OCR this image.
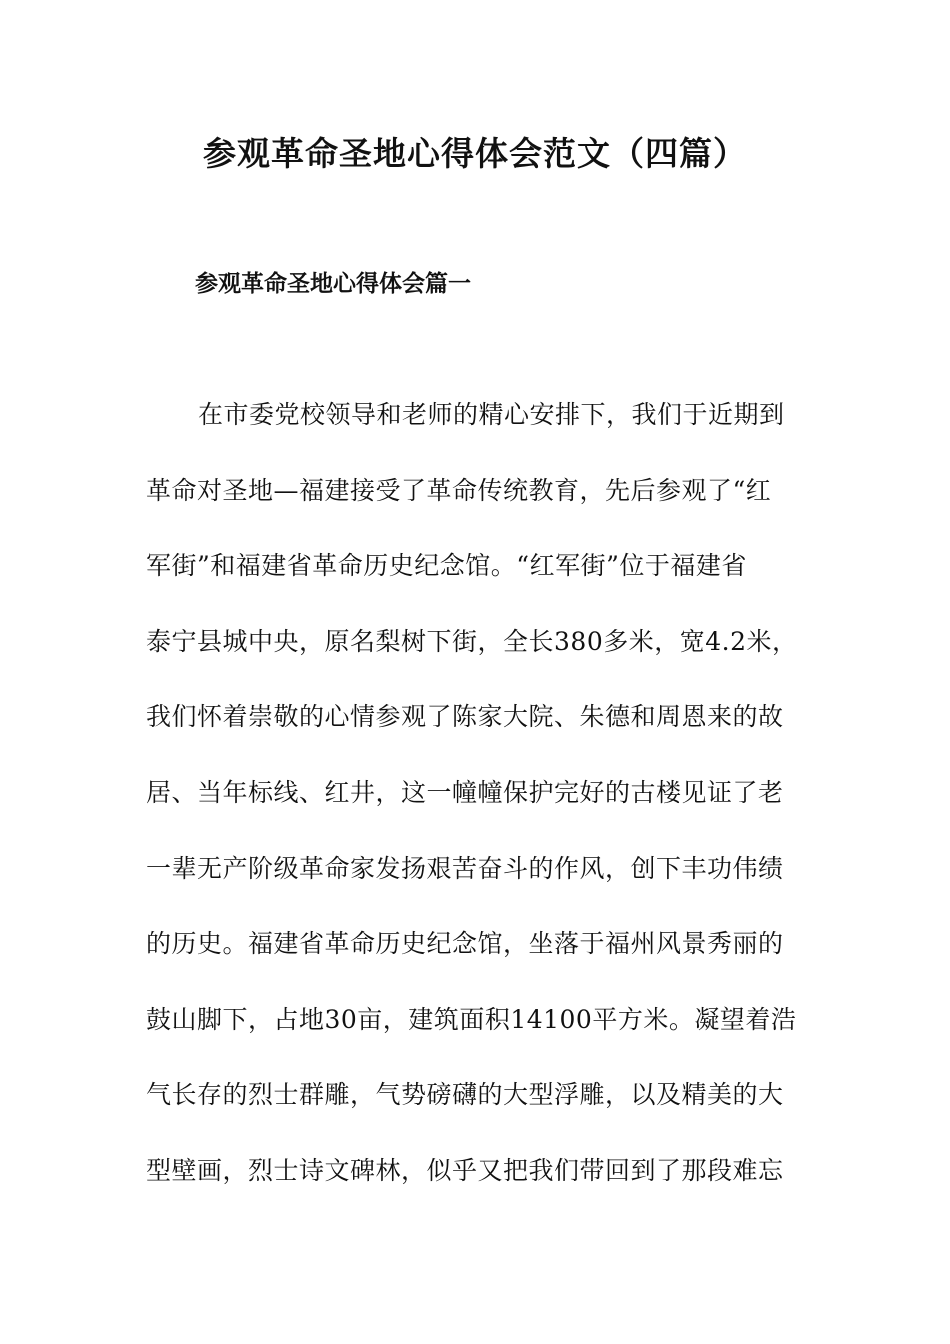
参观革命圣地心得体会范文（四篇）
参观革命圣地心得体会篇一
在市委党校领导和老师的精心安排下，我们于近期到
革命对圣地—福建接受了革命传统教育，先后参观了“红
军街”和福建省革命历史纪念馆。“红军街”位于福建省
泰宁县城中央，原名梨树下街，全长380多米，宽4.2米，
我们怀着崇敬的心情参观了陈家大院、朱德和周恩来的故
居、当年标线、红井，这一幢幢保护完好的古楼见证了老
一辈无产阶级革命家发扬艰苦奋斗的作风，创下丰功伟绩
的历史。福建省革命历史纪念馆，坐落于福州风景秀丽的
鼓山脚下，占地30亩，建筑面积14100平方米。凝望着浩
气长存的烈士群雕，气势磅礴的大型浮雕，以及精美的大
型壁画，烈士诗文碑林，似乎又把我们带回到了那段难忘
